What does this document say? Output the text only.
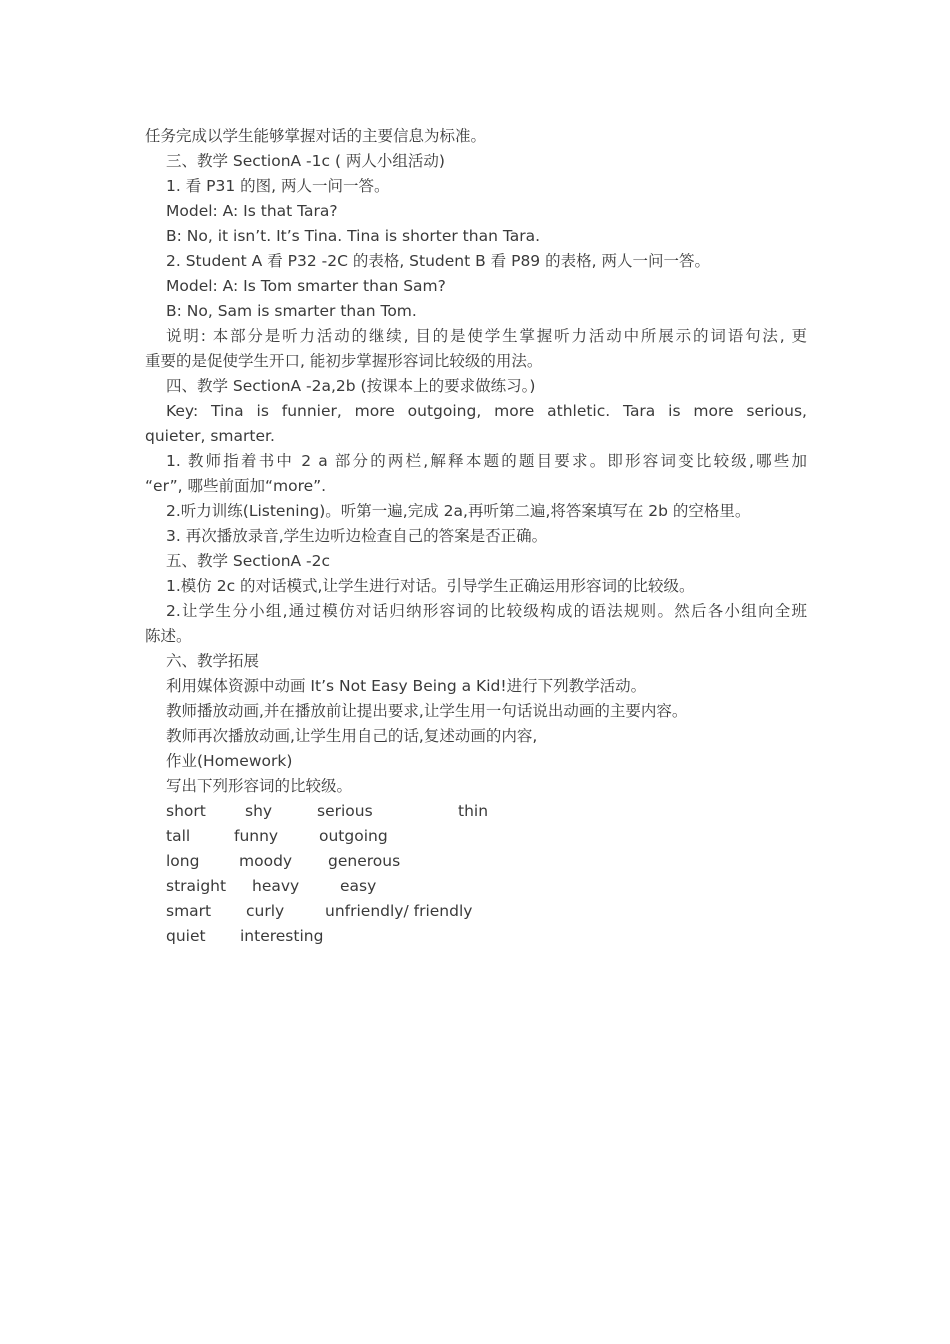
任务完成以学生能够掌握对话的主要信息为标准。
三、教学 SectionA -1c ( 两人小组活动)
1. 看 P31 的图, 两人一问一答。
Model: A: Is that Tara?
B: No, it isn’t. It’s Tina. Tina is shorter than Tara.
2. Student A 看 P32 -2C 的表格, Student B 看 P89 的表格, 两人一问一答。
Model: A: Is Tom smarter than Sam?
B: No, Sam is smarter than Tom.
说明: 本部分是听力活动的继续, 目的是使学生掌握听力活动中所展示的词语句法, 更
重要的是促使学生开口, 能初步掌握形容词比较级的用法。
四、教学 SectionA -2a,2b (按课本上的要求做练习。)
Key: Tina is funnier, more outgoing, more athletic. Tara is more serious,
quieter, smarter.
1. 教师指着书中 2 a 部分的两栏,解释本题的题目要求。即形容词变比较级,哪些加
“er”, 哪些前面加“more”.
2.听力训练(Listening)。听第一遍,完成 2a,再听第二遍,将答案填写在 2b 的空格里。
3. 再次播放录音,学生边听边检查自己的答案是否正确。
五、教学 SectionA -2c
1.模仿 2c 的对话模式,让学生进行对话。引导学生正确运用形容词的比较级。
2.让学生分小组,通过模仿对话归纳形容词的比较级构成的语法规则。然后各小组向全班
陈述。
六、教学拓展
利用媒体资源中动画 It’s Not Easy Being a Kid!进行下列教学活动。
教师播放动画,并在播放前让提出要求,让学生用一句话说出动画的主要内容。
教师再次播放动画,让学生用自己的话,复述动画的内容,
作业(Homework)
写出下列形容词的比较级。
short	shy	serious	thin
tall	funny	outgoing
long	moody generous
straight heavy	easy
smart curly	unfriendly/ friendly
quiet interesting
